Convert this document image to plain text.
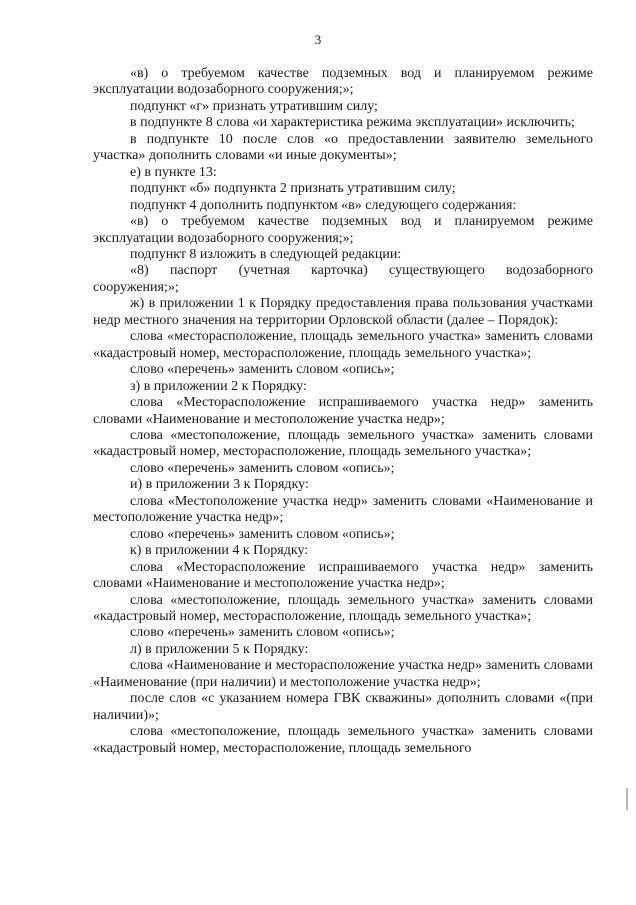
3

«в) о требуемом качестве подземных вод и планируемом режиме эксплуатации водозаборного сооружения;»;

подпункт «г» признать утратившим силу;

в подпункте 8 слова «и характеристика режима эксплуатации» исключить;

в подпункте 10 после слов «о предоставлении заявителю земельного участка» дополнить словами «и иные документы»;

е) в пункте 13:

подпункт «б» подпункта 2 признать утратившим силу;

подпункт 4 дополнить подпунктом «в» следующего содержания:

«в) о требуемом качестве подземных вод и планируемом режиме эксплуатации водозаборного сооружения;»;

подпункт 8 изложить в следующей редакции:

«8) паспорт (учетная карточка) существующего водозаборного сооружения;»;

ж) в приложении 1 к Порядку предоставления права пользования участками недр местного значения на территории Орловской области (далее – Порядок):

слова «месторасположение, площадь земельного участка» заменить словами «кадастровый номер, месторасположение, площадь земельного участка»;

слово «перечень» заменить словом «опись»;

з) в приложении 2 к Порядку:

слова «Месторасположение испрашиваемого участка недр» заменить словами «Наименование и местоположение участка недр»;

слова «местоположение, площадь земельного участка» заменить словами «кадастровый номер, месторасположение, площадь земельного участка»;

слово «перечень» заменить словом «опись»;

и) в приложении 3 к Порядку:

слова «Местоположение участка недр» заменить словами «Наименование и местоположение участка недр»;

слово «перечень» заменить словом «опись»;

к) в приложении 4 к Порядку:

слова «Месторасположение испрашиваемого участка недр» заменить словами «Наименование и местоположение участка недр»;

слова «местоположение, площадь земельного участка» заменить словами «кадастровый номер, месторасположение, площадь земельного участка»;

слово «перечень» заменить словом «опись»;

л) в приложении 5 к Порядку:

слова «Наименование и месторасположение участка недр» заменить словами «Наименование (при наличии) и местоположение участка недр»;

после слов «с указанием номера ГВК скважины» дополнить словами «(при наличии)»;

слова «местоположение, площадь земельного участка» заменить словами «кадастровый номер, месторасположение, площадь земельного
